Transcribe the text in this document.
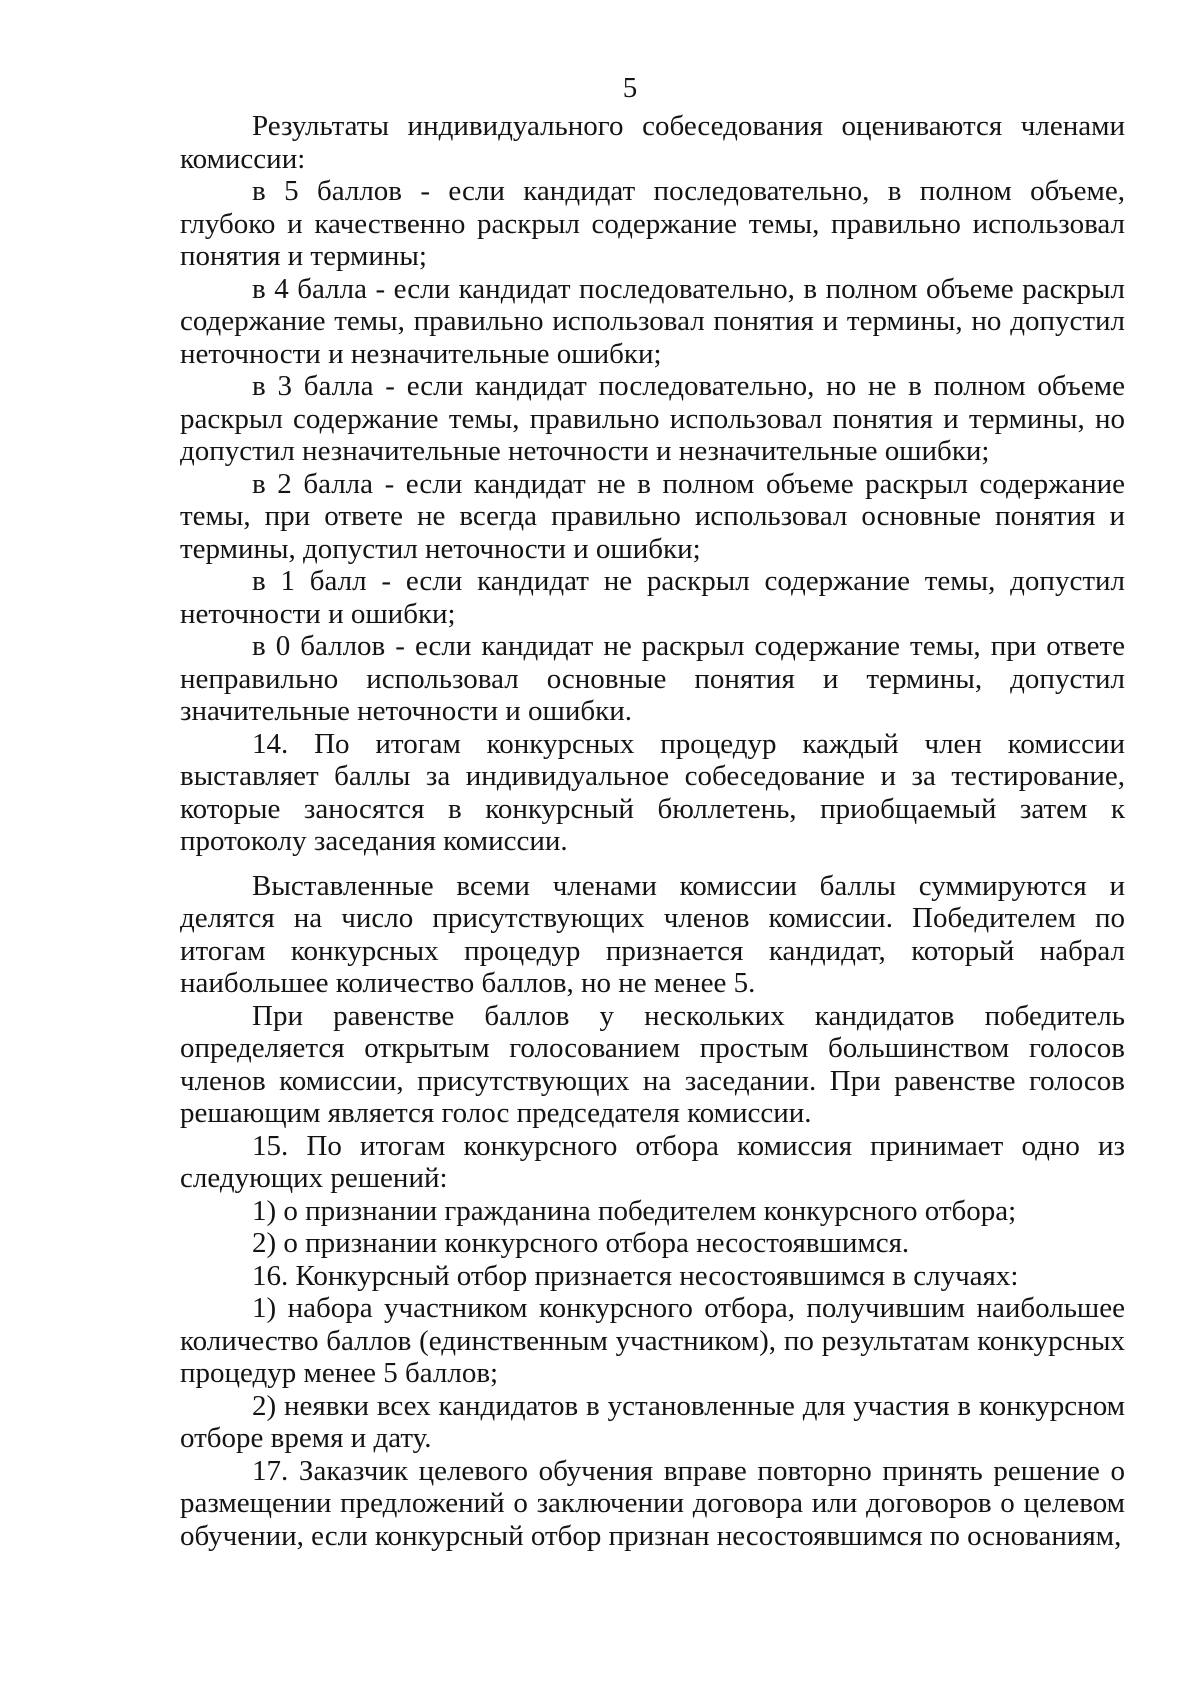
5

Результаты индивидуального собеседования оцениваются членами комиссии:

в 5 баллов - если кандидат последовательно, в полном объеме, глубоко и качественно раскрыл содержание темы, правильно использовал понятия и термины;

в 4 балла - если кандидат последовательно, в полном объеме раскрыл содержание темы, правильно использовал понятия и термины, но допустил неточности и незначительные ошибки;

в 3 балла - если кандидат последовательно, но не в полном объеме раскрыл содержание темы, правильно использовал понятия и термины, но допустил незначительные неточности и незначительные ошибки;

в 2 балла - если кандидат не в полном объеме раскрыл содержание темы, при ответе не всегда правильно использовал основные понятия и термины, допустил неточности и ошибки;

в 1 балл - если кандидат не раскрыл содержание темы, допустил неточности и ошибки;

в 0 баллов - если кандидат не раскрыл содержание темы, при ответе неправильно использовал основные понятия и термины, допустил значительные неточности и ошибки.

14. По итогам конкурсных процедур каждый член комиссии выставляет баллы за индивидуальное собеседование и за тестирование, которые заносятся в конкурсный бюллетень, приобщаемый затем к протоколу заседания комиссии.

Выставленные всеми членами комиссии баллы суммируются и делятся на число присутствующих членов комиссии. Победителем по итогам конкурсных процедур признается кандидат, который набрал наибольшее количество баллов, но не менее 5.

При равенстве баллов у нескольких кандидатов победитель определяется открытым голосованием простым большинством голосов членов комиссии, присутствующих на заседании. При равенстве голосов решающим является голос председателя комиссии.

15. По итогам конкурсного отбора комиссия принимает одно из следующих решений:

1) о признании гражданина победителем конкурсного отбора;

2) о признании конкурсного отбора несостоявшимся.

16. Конкурсный отбор признается несостоявшимся в случаях:

1) набора участником конкурсного отбора, получившим наибольшее количество баллов (единственным участником), по результатам конкурсных процедур менее 5 баллов;

2) неявки всех кандидатов в установленные для участия в конкурсном отборе время и дату.

17. Заказчик целевого обучения вправе повторно принять решение о размещении предложений о заключении договора или договоров о целевом обучении, если конкурсный отбор признан несостоявшимся по основаниям,
